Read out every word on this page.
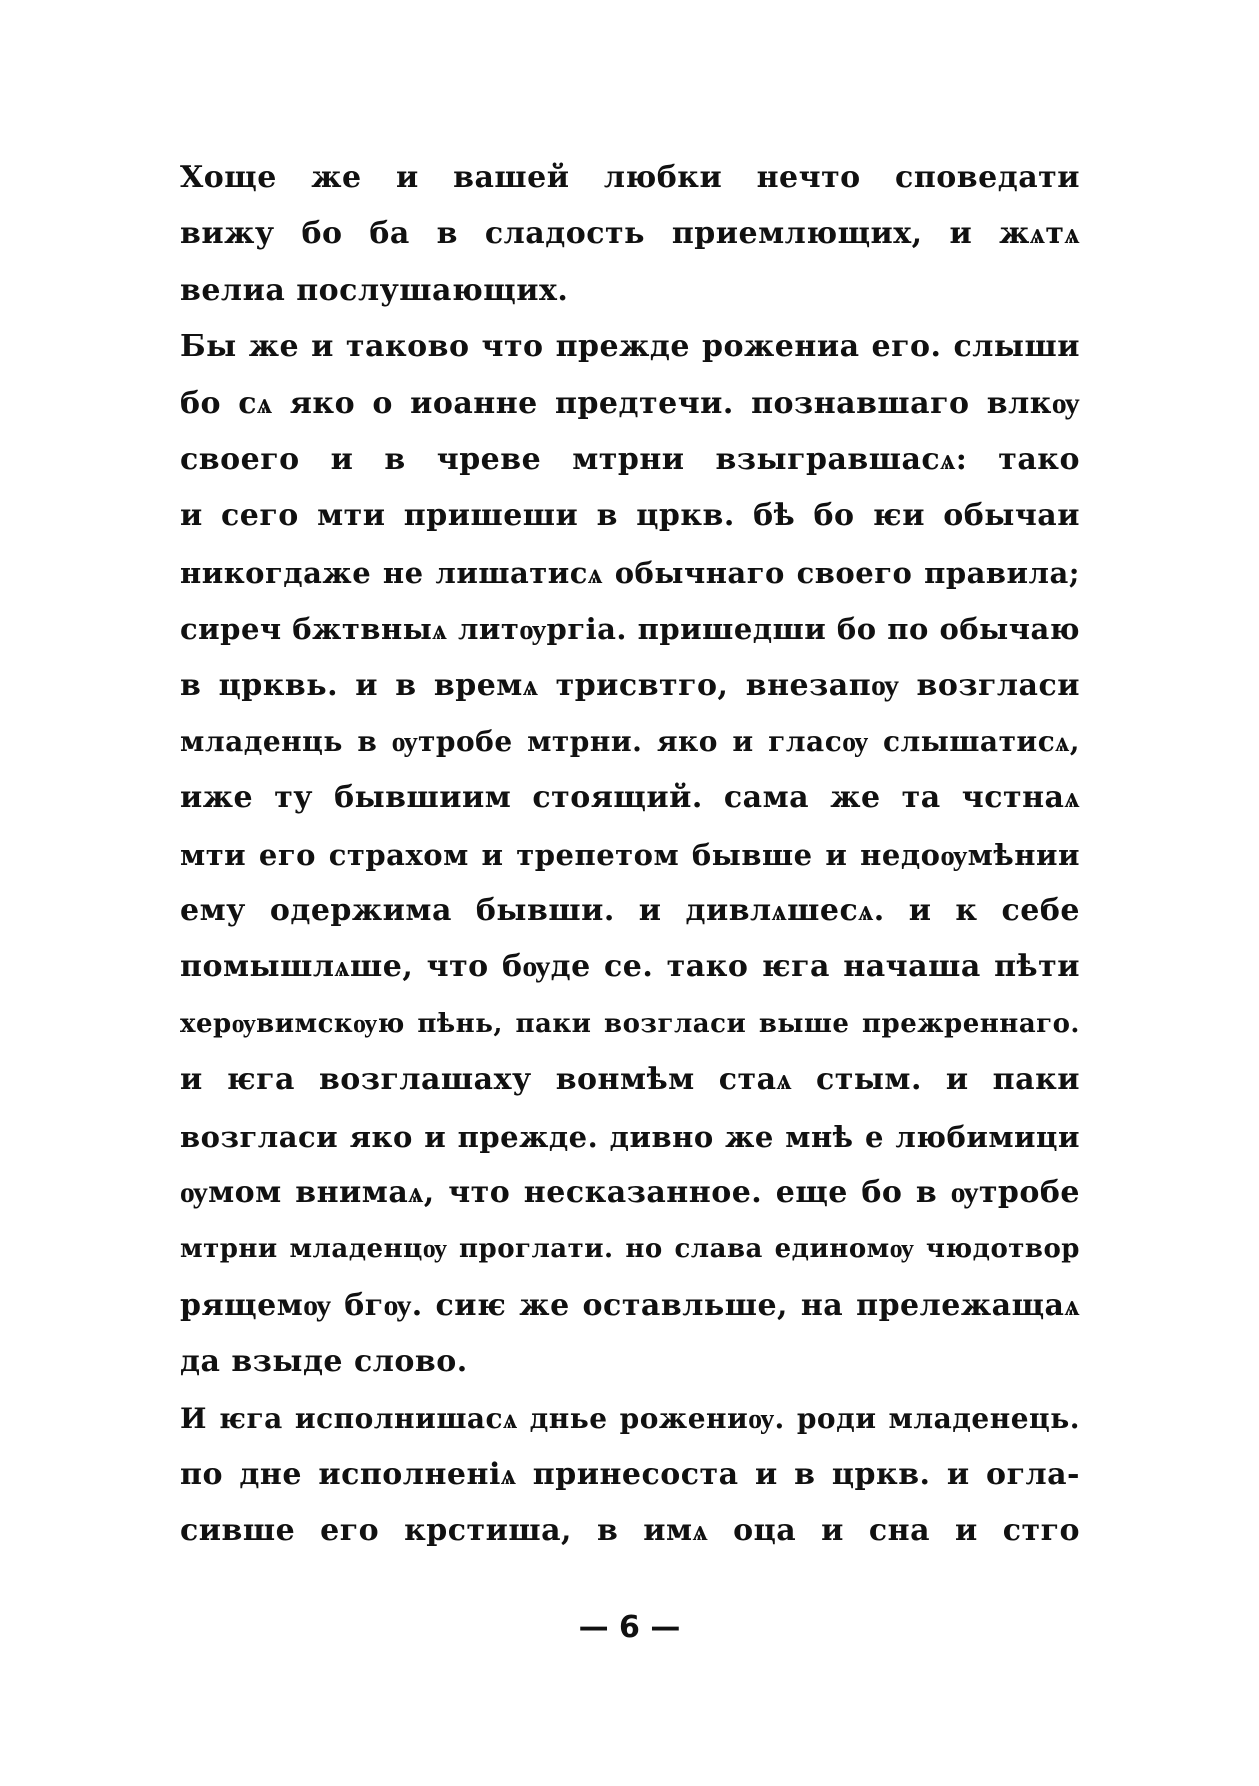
Хоще же и вашей любки нечто споведати
вижу бо ба в сладость приемлющих, и жѧтѧ
велиа послушающих.
Бы же и таково что прежде рожениа его. слыши
бо сѧ яко о иоанне предтечи. познавшаго влкѹ
своего и в чреве мтрни взыгравшасѧ: тако
и сего мти пришеши в цркв. бѣ бо ѥи обычаи
никогдаже не лишатисѧ обычнаго своего правила;
сиреч бжтвныѧ литѹргіа. пришедши бо по обычаю
в црквь. и в времѧ трисвтго, внезапѹ возгласи
младенць в ѹтробе мтрни. яко и гласѹ слышатисѧ,
иже ту бывшиим стоящий. сама же та чстнаѧ
мти его страхом и трепетом бывше и недоѹмѣнии
ему одержима бывши. и дивлѧшесѧ. и к себе
помышлѧше, что бѹде се. тако ѥга начаша пѣти
херѹвимскѹю пѣнь, паки возгласи выше прежреннаго.
и ѥга возглашаху вонмѣм стаѧ стым. и паки
возгласи яко и прежде. дивно же мнѣ е любимици
ѹмом внимаѧ, что несказанное. еще бо в ѹтробе
мтрни младенцѹ проглати. но слава единомѹ чюдотвор
рящемѹ бгѹ. сиѥ же оставльше, на прележащаѧ
да взыде слово.
И ѥга исполнишасѧ днье рожениѹ. роди младенець.
по дне исполненіѧ принесоста и в цркв. и огла-
сивше его крстиша, в имѧ оца и сна и стго
— 6 —
